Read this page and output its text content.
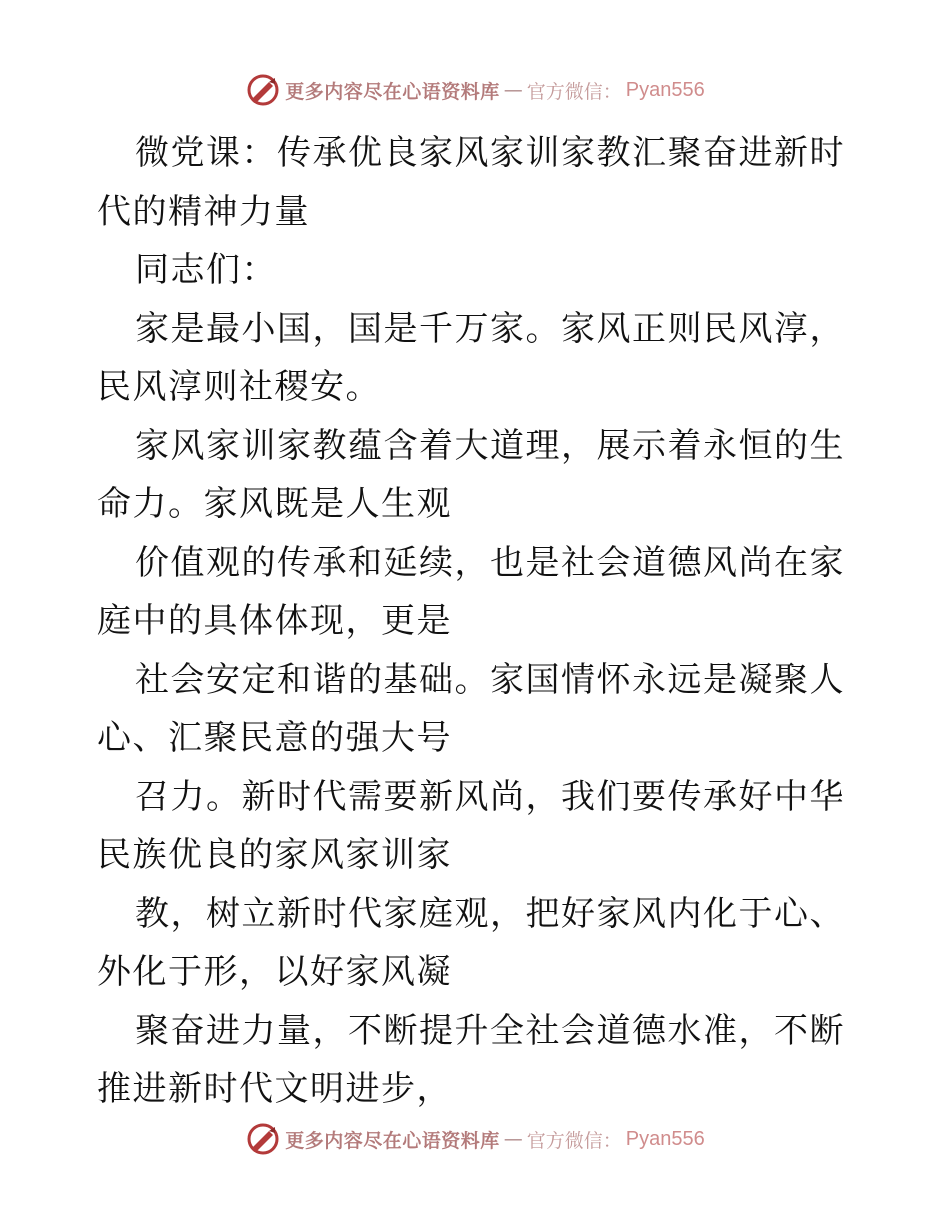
更多内容尽在心语资料库 — 官方微信： Pyan556

微党课：传承优良家风家训家教汇聚奋进新时代的精神力量

同志们：

家是最小国，国是千万家。家风正则民风淳，民风淳则社稷安。

家风家训家教蕴含着大道理，展示着永恒的生命力。家风既是人生观

价值观的传承和延续，也是社会道德风尚在家庭中的具体体现，更是

社会安定和谐的基础。家国情怀永远是凝聚人心、汇聚民意的强大号

召力。新时代需要新风尚，我们要传承好中华民族优良的家风家训家

教，树立新时代家庭观，把好家风内化于心、外化于形，以好家风凝

聚奋进力量，不断提升全社会道德水准，不断推进新时代文明进步，

更多内容尽在心语资料库 — 官方微信： Pyan556
